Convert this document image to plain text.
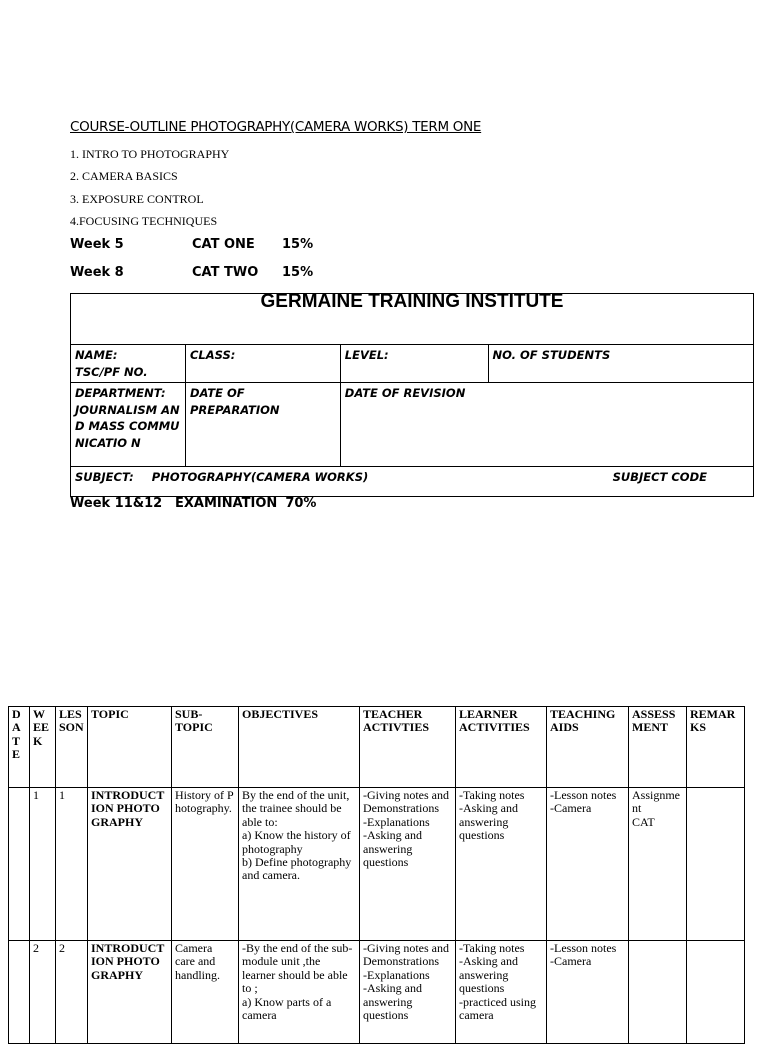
COURSE-OUTLINE PHOTOGRAPHY(CAMERA WORKS) TERM ONE
1. INTRO TO PHOTOGRAPHY
2. CAMERA BASICS
3. EXPOSURE CONTROL
4.FOCUSING TECHNIQUES
Week 5	CAT ONE 15%
Week 8	CAT TWO 15%
GERMAINE TRAINING INSTITUTE			

NAME:
TSC/PF NO.	CLASS:	LEVEL:	NO. OF STUDENTS

DEPARTMENT:
JOURNALISM AND MASS COMMUNICATIO N	DATE OF PREPARATION	DATE OF REVISION	
SUBJECT: PHOTOGRAPHY(CAMERA WORKS) SUBJECT CODE			
Week 11&12 EXAMINATION 70%
DATE	WEEK	LESSON	TOPIC	SUB-TOPIC	OBJECTIVES	TEACHER ACTIVTIES	LEARNER ACTIVITIES	TEACHING AIDS	ASSESSMENT	REMARKS
	1	1	INTRODUCTION PHOTOGRAPHY	History of Photography.	By the end of the unit, the trainee should be able to:
a) Know the history of photography
b) Define photography and camera.	-Giving notes and Demonstrations
-Explanations
-Asking and answering questions	-Taking notes
-Asking and answering questions	-Lesson notes
-Camera	Assignment
CAT	
	2	2	INTRODUCTION PHOTOGRAPHY	Camera care and handling.	-By the end of the sub-module unit ,the learner should be able to ;
a) Know parts of a camera	-Giving notes and Demonstrations
-Explanations
-Asking and answering questions	-Taking notes
-Asking and answering questions
-practiced using camera	-Lesson notes
-Camera		
